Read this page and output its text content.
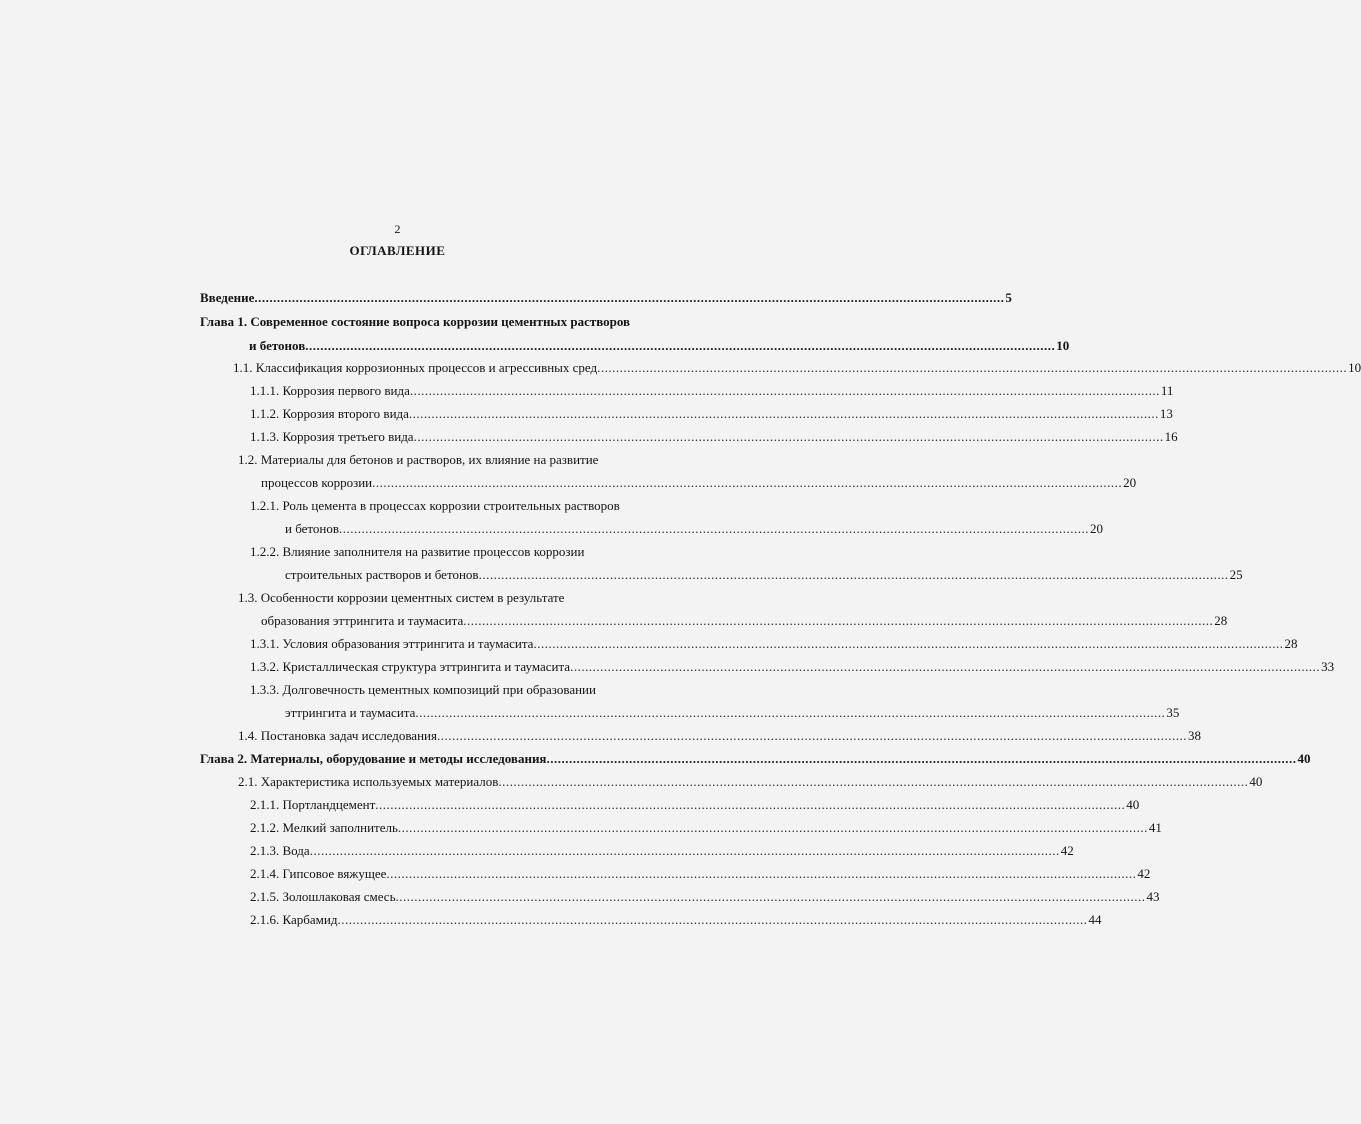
2
ОГЛАВЛЕНИЕ
Введение ........................................................................................................................................................................................................ 5
Глава 1. Современное состояние вопроса коррозии цементных растворов
и бетонов ........................................................................................................................................................................................................ 10
1.1. Классификация коррозионных процессов и агрессивных сред ........................................................................................................................................................................................................ 10
1.1.1. Коррозия первого вида ........................................................................................................................................................................................................ 11
1.1.2. Коррозия второго вида ........................................................................................................................................................................................................ 13
1.1.3. Коррозия третьего вида ........................................................................................................................................................................................................ 16
1.2. Материалы для бетонов и растворов, их влияние на развитие
процессов коррозии ........................................................................................................................................................................................................ 20
1.2.1. Роль цемента в процессах коррозии строительных растворов
и бетонов ........................................................................................................................................................................................................ 20
1.2.2. Влияние заполнителя на развитие процессов коррозии
строительных растворов и бетонов ........................................................................................................................................................................................................ 25
1.3. Особенности коррозии цементных систем в результате
образования эттрингита и таумасита ........................................................................................................................................................................................................ 28
1.3.1. Условия образования эттрингита и таумасита ........................................................................................................................................................................................................ 28
1.3.2. Кристаллическая структура эттрингита и таумасита ........................................................................................................................................................................................................ 33
1.3.3. Долговечность цементных композиций при образовании
эттрингита и таумасита ........................................................................................................................................................................................................ 35
1.4. Постановка задач исследования ........................................................................................................................................................................................................ 38
Глава 2. Материалы, оборудование и методы исследования ........................................................................................................................................................................................................ 40
2.1. Характеристика используемых материалов ........................................................................................................................................................................................................ 40
2.1.1. Портландцемент ........................................................................................................................................................................................................ 40
2.1.2. Мелкий заполнитель ........................................................................................................................................................................................................ 41
2.1.3. Вода ........................................................................................................................................................................................................ 42
2.1.4. Гипсовое вяжущее ........................................................................................................................................................................................................ 42
2.1.5. Золошлаковая смесь ........................................................................................................................................................................................................ 43
2.1.6. Карбамид ........................................................................................................................................................................................................ 44
